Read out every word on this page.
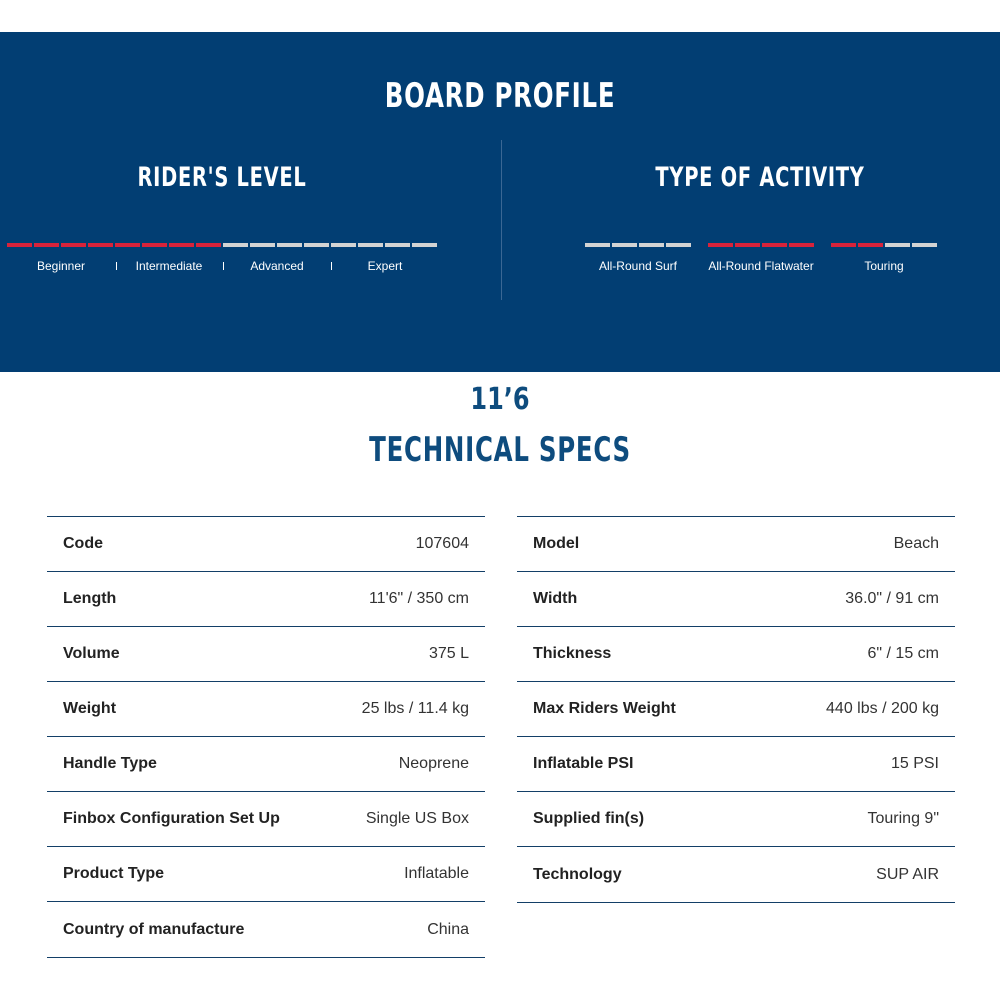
BOARD PROFILE
RIDER'S LEVEL
Beginner	Intermediate	Advanced	Expert
TYPE OF ACTIVITY
All-Round Surf	All-Round Flatwater	Touring
11’6
TECHNICAL SPECS
Code	107604
Length	11'6" / 350 cm
Volume	375 L
Weight	25 lbs / 11.4 kg
Handle Type	Neoprene
Finbox Configuration Set Up	Single US Box
Product Type	Inflatable
Country of manufacture	China
Model	Beach
Width	36.0" / 91 cm
Thickness	6" / 15 cm
Max Riders Weight	440 lbs / 200 kg
Inflatable PSI	15 PSI
Supplied fin(s)	Touring 9"
Technology	SUP AIR
